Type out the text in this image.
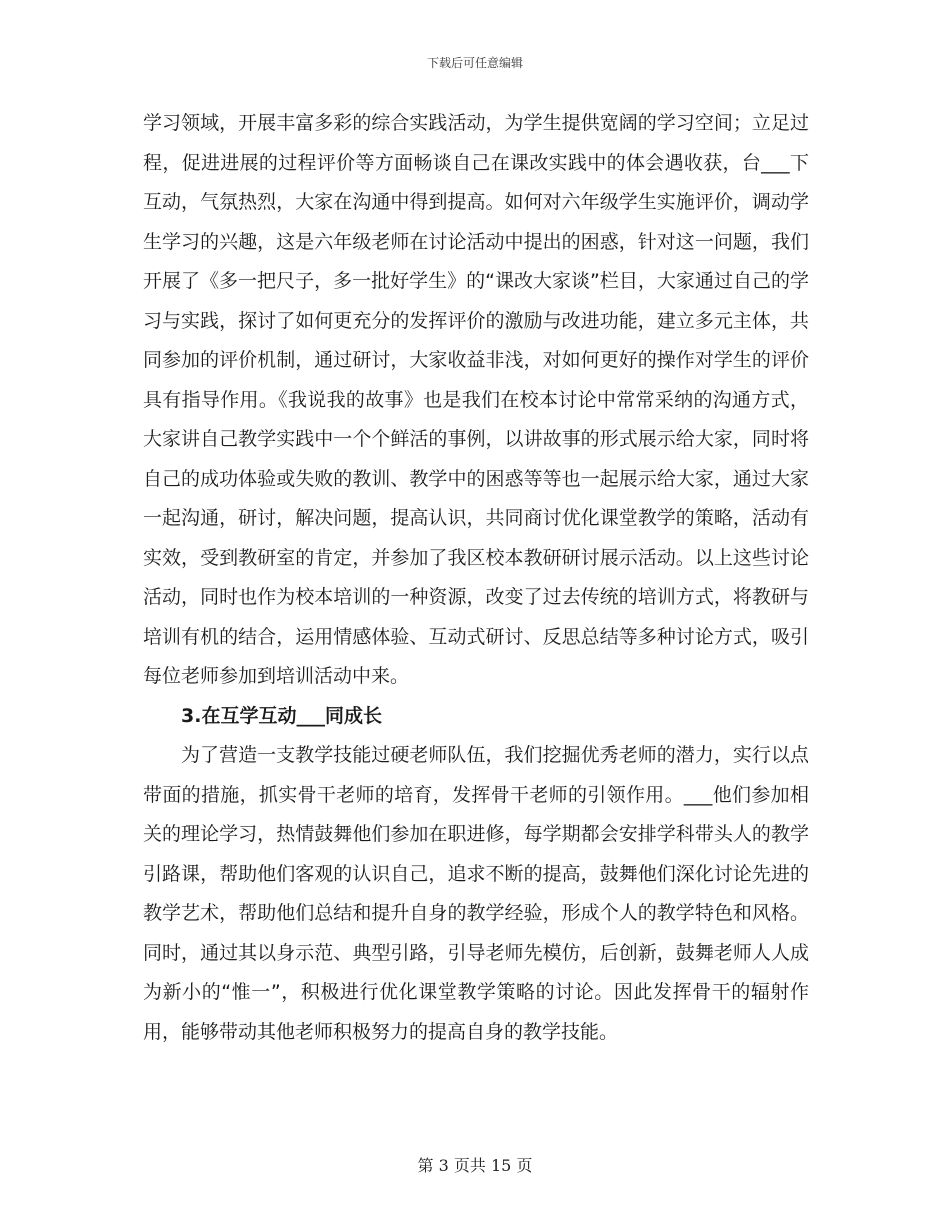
下载后可任意编辑

学习领域，开展丰富多彩的综合实践活动，为学生提供宽阔的学习空间；立足过程，促进进展的过程评价等方面畅谈自己在课改实践中的体会遇收获，台___下互动，气氛热烈，大家在沟通中得到提高。如何对六年级学生实施评价，调动学生学习的兴趣，这是六年级老师在讨论活动中提出的困惑，针对这一问题，我们开展了《多一把尺子，多一批好学生》的“课改大家谈”栏目，大家通过自己的学习与实践，探讨了如何更充分的发挥评价的激励与改进功能，建立多元主体，共同参加的评价机制，通过研讨，大家收益非浅，对如何更好的操作对学生的评价具有指导作用。《我说我的故事》也是我们在校本讨论中常常采纳的沟通方式，大家讲自己教学实践中一个个鲜活的事例，以讲故事的形式展示给大家，同时将自己的成功体验或失败的教训、教学中的困惑等等也一起展示给大家，通过大家一起沟通，研讨，解决问题，提高认识，共同商讨优化课堂教学的策略，活动有实效，受到教研室的肯定，并参加了我区校本教研研讨展示活动。以上这些讨论活动，同时也作为校本培训的一种资源，改变了过去传统的培训方式，将教研与培训有机的结合，运用情感体验、互动式研讨、反思总结等多种讨论方式，吸引每位老师参加到培训活动中来。

3.在互学互动___同成长

为了营造一支教学技能过硬老师队伍，我们挖掘优秀老师的潜力，实行以点带面的措施，抓实骨干老师的培育，发挥骨干老师的引领作用。___他们参加相关的理论学习，热情鼓舞他们参加在职进修，每学期都会安排学科带头人的教学引路课，帮助他们客观的认识自己，追求不断的提高，鼓舞他们深化讨论先进的教学艺术，帮助他们总结和提升自身的教学经验，形成个人的教学特色和风格。同时，通过其以身示范、典型引路，引导老师先模仿，后创新，鼓舞老师人人成为新小的“惟一”，积极进行优化课堂教学策略的讨论。因此发挥骨干的辐射作用，能够带动其他老师积极努力的提高自身的教学技能。

第 3 页共 15 页
